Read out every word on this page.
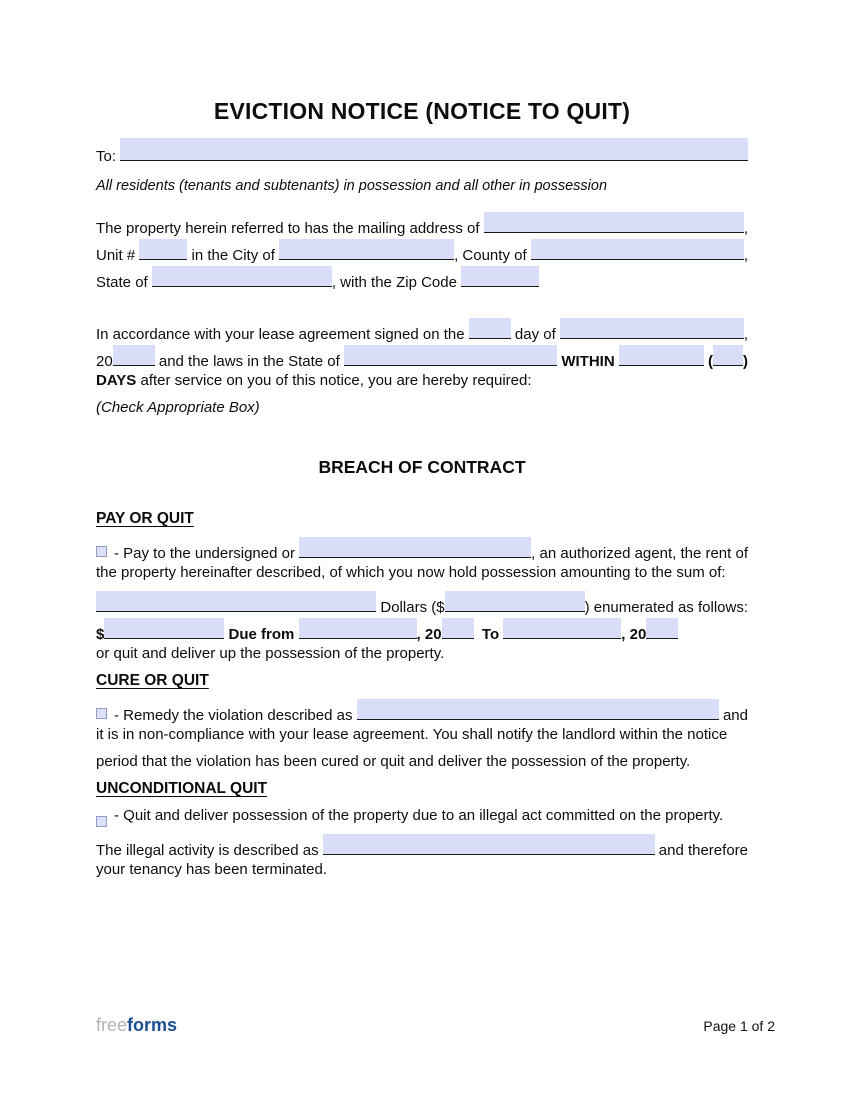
EVICTION NOTICE (NOTICE TO QUIT)
To:
All residents (tenants and subtenants) in possession and all other in possession
The property herein referred to has the mailing address of	,
Unit #	in the City of	, County of	,
State of	, with the Zip Code
In accordance with your lease agreement signed on the	day of	,
20	and the laws in the State of	WITHIN	( )
DAYS after service on you of this notice, you are hereby required:
(Check Appropriate Box)
BREACH OF CONTRACT
PAY OR QUIT
- Pay to the undersigned or	, an authorized agent, the rent of
the property hereinafter described, of which you now hold possession amounting to the sum of:
Dollars ($	) enumerated as follows:
$	Due from	, 20 To	, 20
or quit and deliver up the possession of the property.
CURE OR QUIT
- Remedy the violation described as	and
it is in non-compliance with your lease agreement. You shall notify the landlord within the notice
period that the violation has been cured or quit and deliver the possession of the property.
UNCONDITIONAL QUIT
- Quit and deliver possession of the property due to an illegal act committed on the property.
The illegal activity is described as	and therefore
your tenancy has been terminated.
freeforms	Page 1 of 2
